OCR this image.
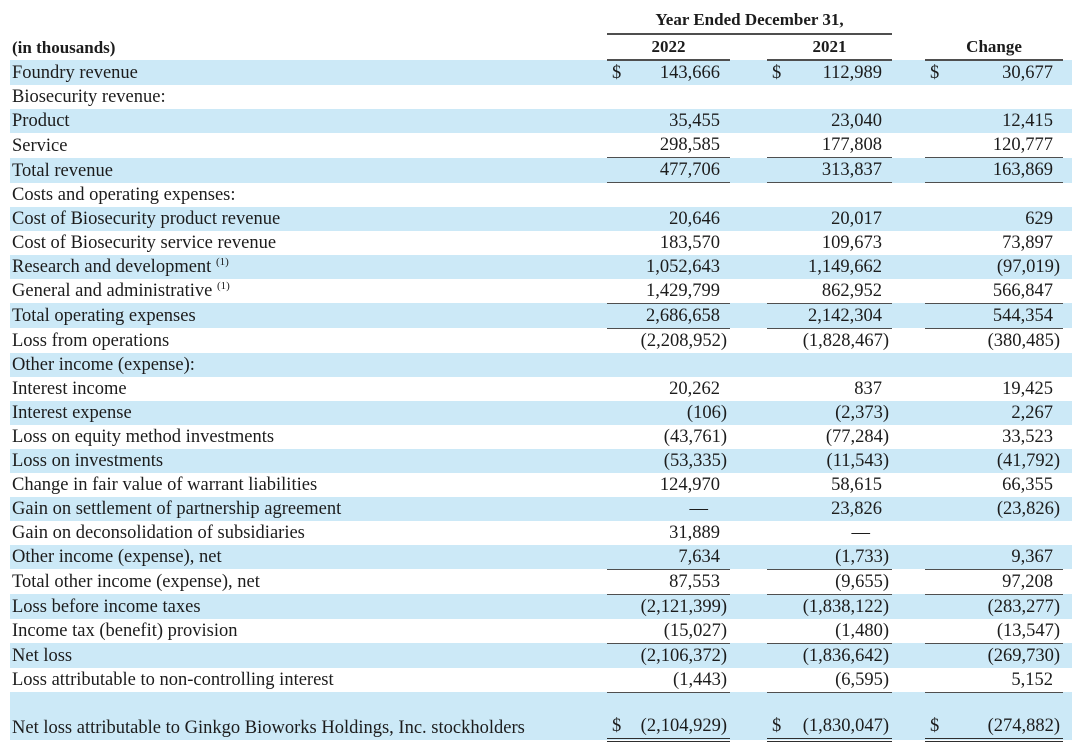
	Year Ended December 31,								
(in thousands)	2022			2021			Change		
Foundry revenue	$	143,666		$	112,989		$	30,677	
Biosecurity revenue:									
Product		35,455			23,040			12,415	
Service		298,585			177,808			120,777	
Total revenue		477,706			313,837			163,869	
Costs and operating expenses:									
Cost of Biosecurity product revenue		20,646			20,017			629	
Cost of Biosecurity service revenue		183,570			109,673			73,897	
Research and development $^{(1)}$		1,052,643			1,149,662			(97,019)	
General and administrative $^{(1)}$		1,429,799			862,952			566,847	
Total operating expenses		2,686,658			2,142,304			544,354	
Loss from operations		(2,208,952)			(1,828,467)			(380,485)	
Other income (expense):									
Interest income		20,262			837			19,425	
Interest expense		(106)			(2,373)			2,267	
Loss on equity method investments		(43,761)			(77,284)			33,523	
Loss on investments		(53,335)			(11,543)			(41,792)	
Change in fair value of warrant liabilities		124,970			58,615			66,355	
Gain on settlement of partnership agreement		—			23,826			(23,826)	
Gain on deconsolidation of subsidiaries		31,889			—				
Other income (expense), net		7,634			(1,733)			9,367	
Total other income (expense), net		87,553			(9,655)			97,208	
Loss before income taxes		(2,121,399)			(1,838,122)			(283,277)	
Income tax (benefit) provision		(15,027)			(1,480)			(13,547)	
Net loss		(2,106,372)			(1,836,642)			(269,730)	
Loss attributable to non-controlling interest		(1,443)			(6,595)			5,152	

Net loss attributable to Ginkgo Bioworks Holdings, Inc. stockholders	$	(2,104,929)		$	(1,830,047)		$	(274,882)	
